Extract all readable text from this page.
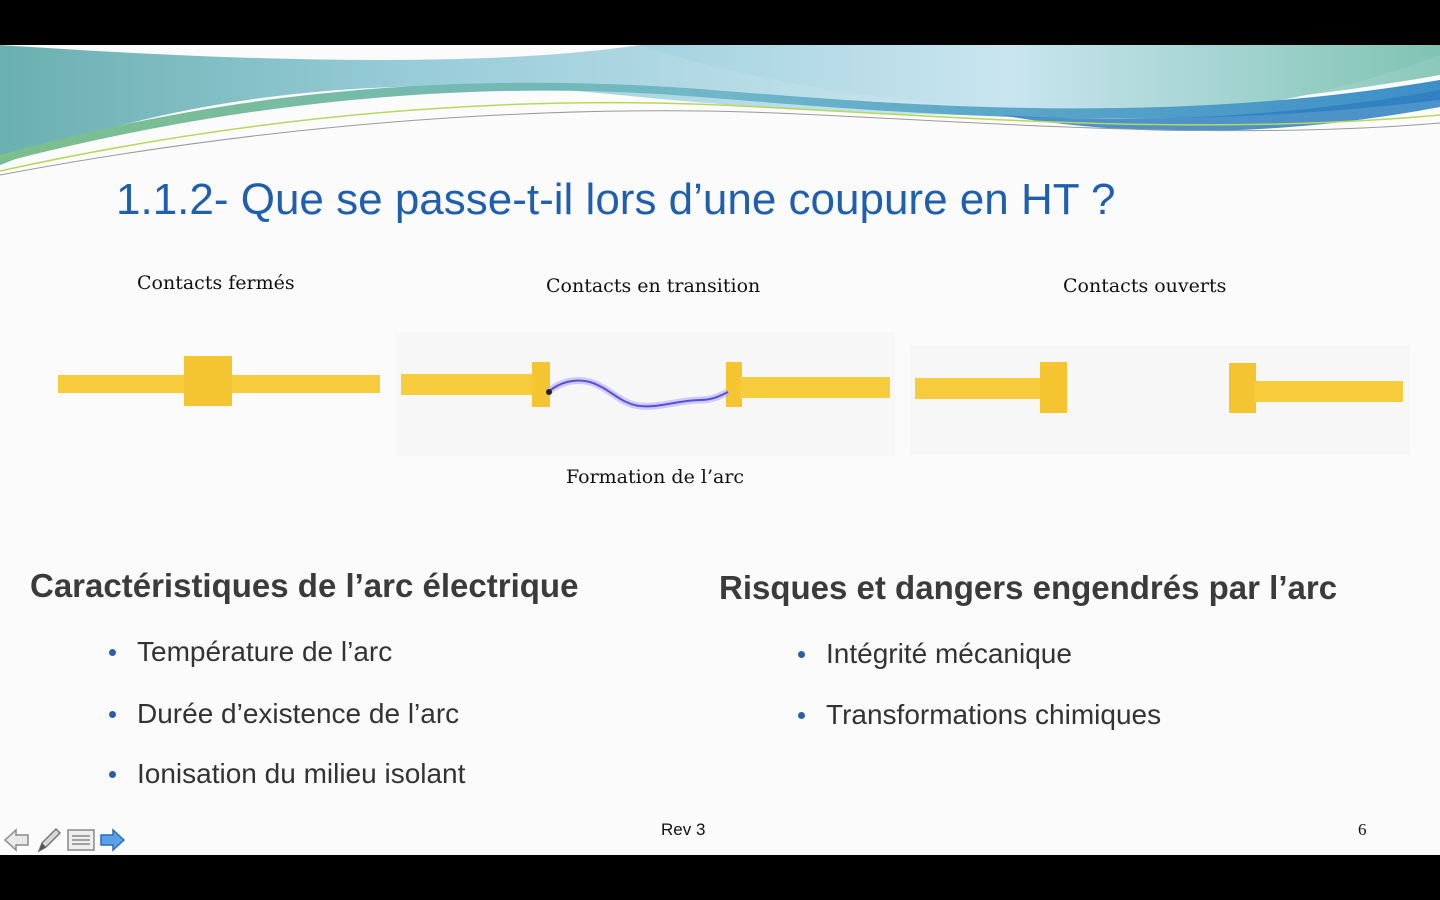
1.1.2- Que se passe-t-il lors d’une coupure en HT ?
Contacts fermés	Contacts en transition	Contacts ouverts
Formation de l’arc
Caractéristiques de l’arc électrique
Température de l’arc
Durée d’existence de l’arc
Ionisation du milieu isolant
Risques et dangers engendrés par l’arc
Intégrité mécanique
Transformations chimiques
Rev 3	6
